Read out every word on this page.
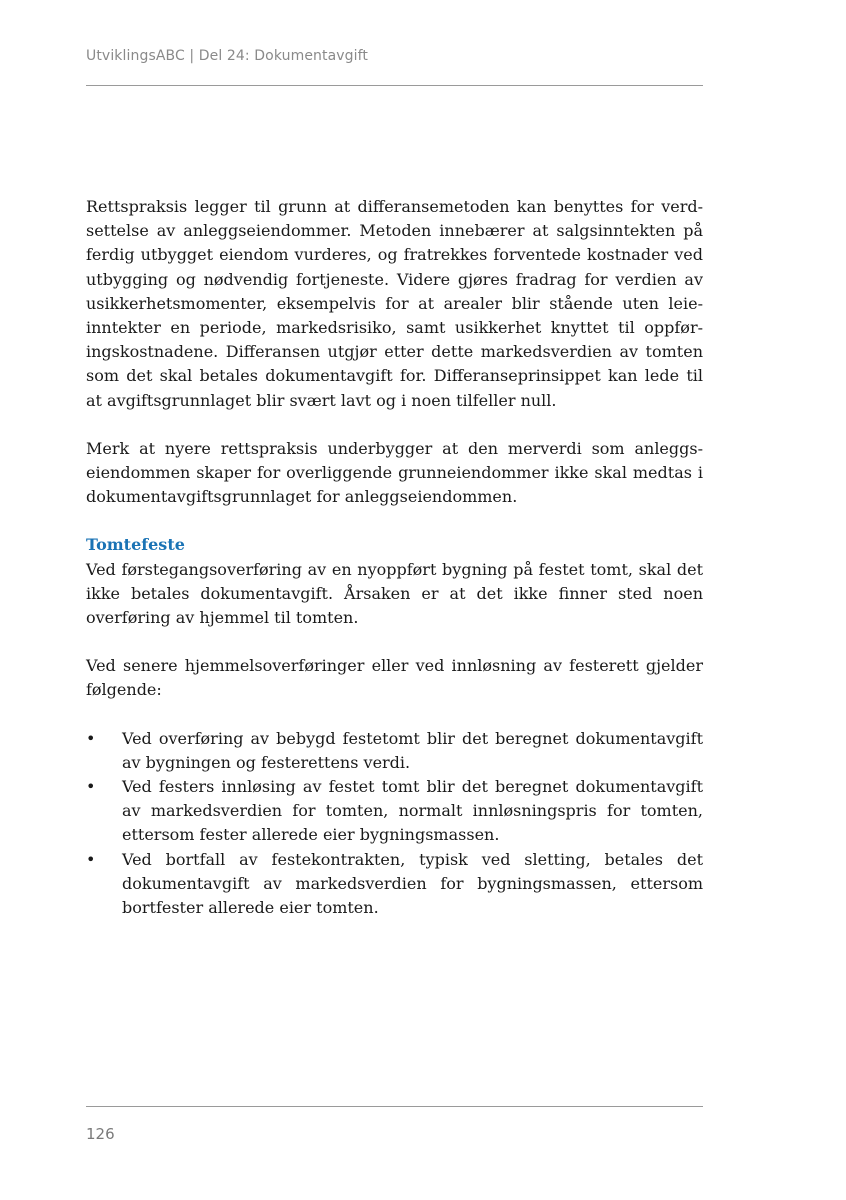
UtviklingsABC | Del 24: Dokumentavgift

Rettspraksis legger til grunn at differansemetoden kan benyttes for verdsettelse av anleggseiendommer. Metoden innebærer at salgsinntekten på ferdig utbygget eiendom vurderes, og fratrekkes forventede kostnader ved utbygging og nødvendig fortjeneste. Videre gjøres fradrag for verdien av usikkerhetsmomenter, eksempelvis for at arealer blir stående uten leieinntekter en periode, markedsrisiko, samt usikkerhet knyttet til oppføringskostnadene. Differansen utgjør etter dette markedsverdien av tomten som det skal betales dokumentavgift for. Differanseprinsippet kan lede til at avgiftsgrunnlaget blir svært lavt og i noen tilfeller null.

Merk at nyere rettspraksis underbygger at den merverdi som anleggseiendommen skaper for overliggende grunneiendommer ikke skal medtas i dokumentavgiftsgrunnlaget for anleggseiendommen.

Tomtefeste

Ved førstegangsoverføring av en nyoppført bygning på festet tomt, skal det ikke betales dokumentavgift. Årsaken er at det ikke finner sted noen overføring av hjemmel til tomten.

Ved senere hjemmelsoverføringer eller ved innløsning av festerett gjelder følgende:

• Ved overføring av bebygd festetomt blir det beregnet dokumentavgift av bygningen og festerettens verdi.
• Ved festers innløsing av festet tomt blir det beregnet dokumentavgift av markedsverdien for tomten, normalt innløsningspris for tomten, ettersom fester allerede eier bygningsmassen.
• Ved bortfall av festekontrakten, typisk ved sletting, betales det dokumentavgift av markedsverdien for bygningsmassen, ettersom bortfester allerede eier tomten.
126
